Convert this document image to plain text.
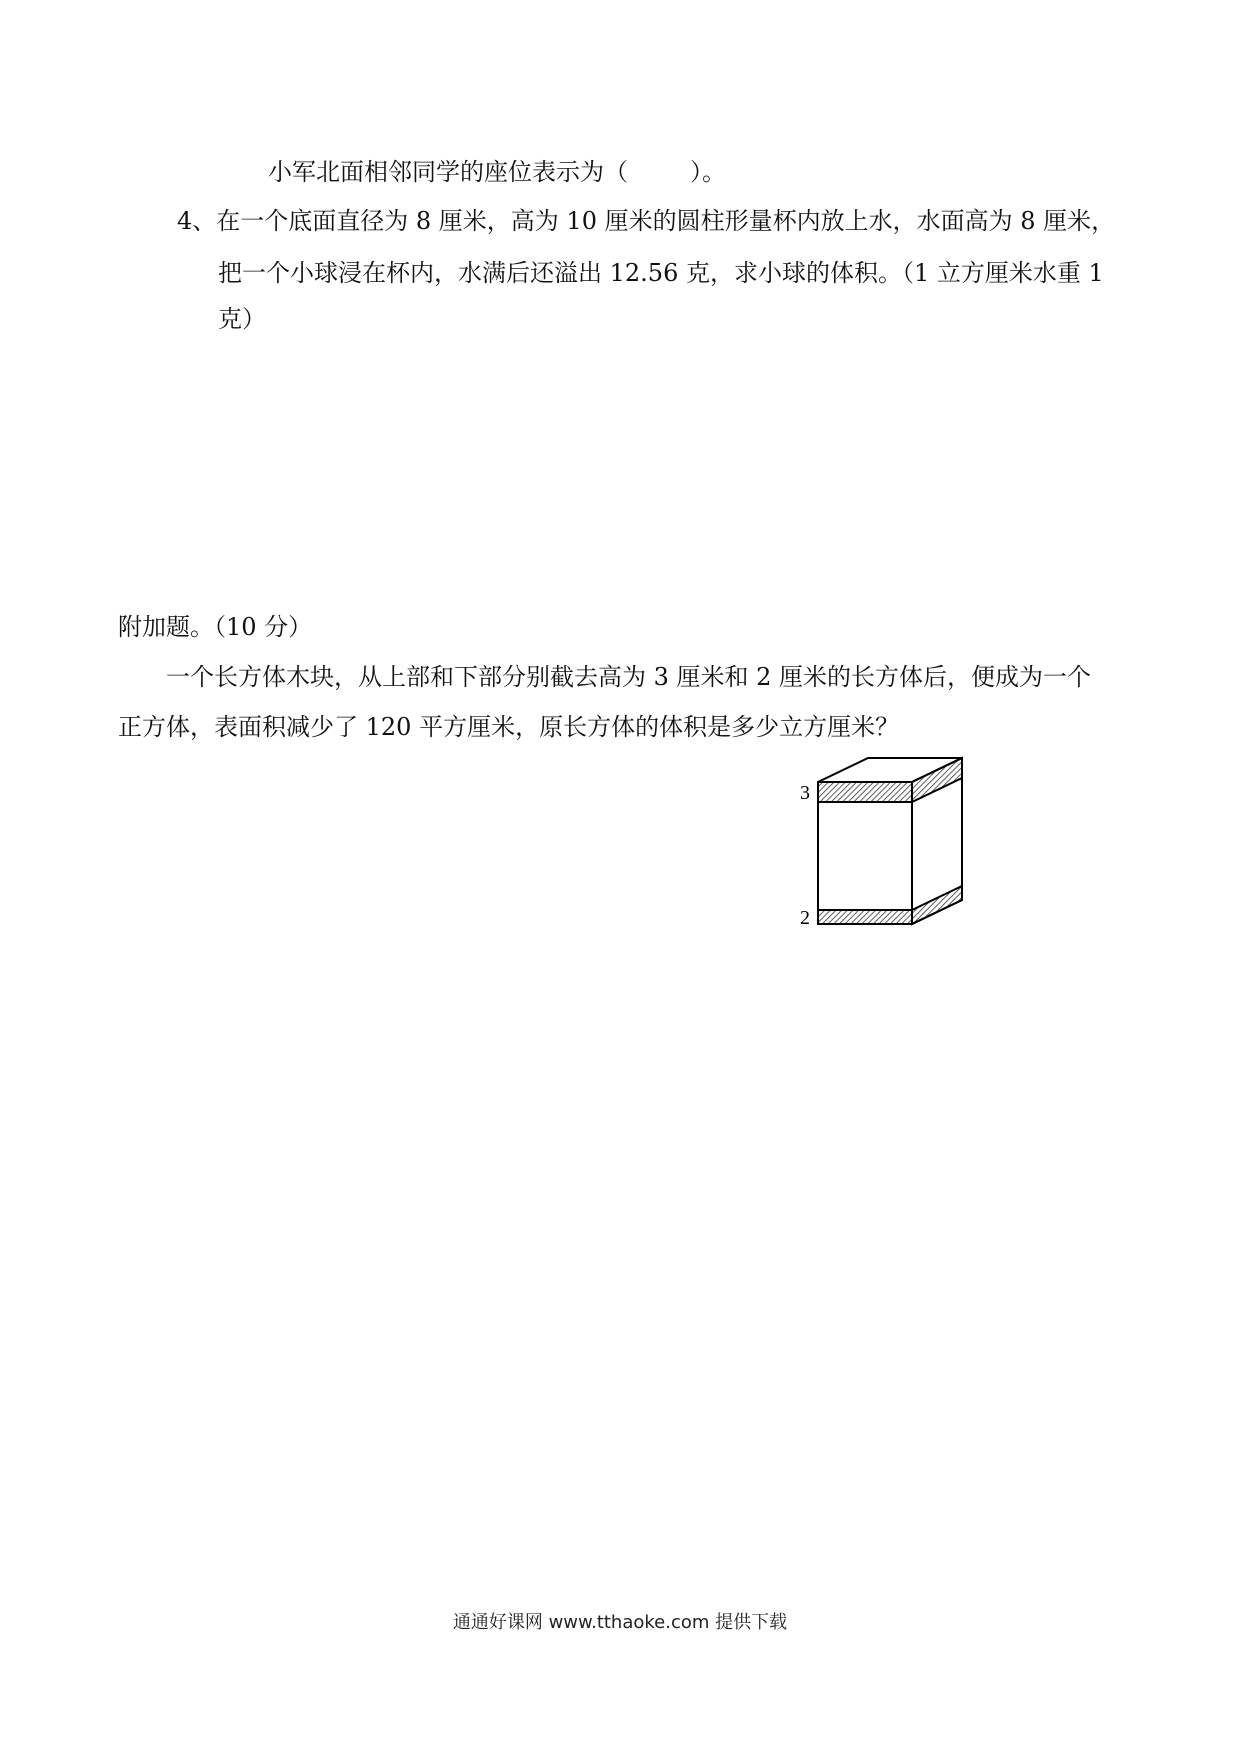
小军北面相邻同学的座位表示为（	）。
4、在一个底面直径为 8 厘米，高为 10 厘米的圆柱形量杯内放上水，水面高为 8 厘米，
把一个小球浸在杯内，水满后还溢出 12.56 克，求小球的体积。（1 立方厘米水重 1
克）
附加题。（10 分）
一个长方体木块，从上部和下部分别截去高为 3 厘米和 2 厘米的长方体后，便成为一个
正方体，表面积减少了 120 平方厘米，原长方体的体积是多少立方厘米？
3
2
通通好课网 www.tthaoke.com 提供下载
